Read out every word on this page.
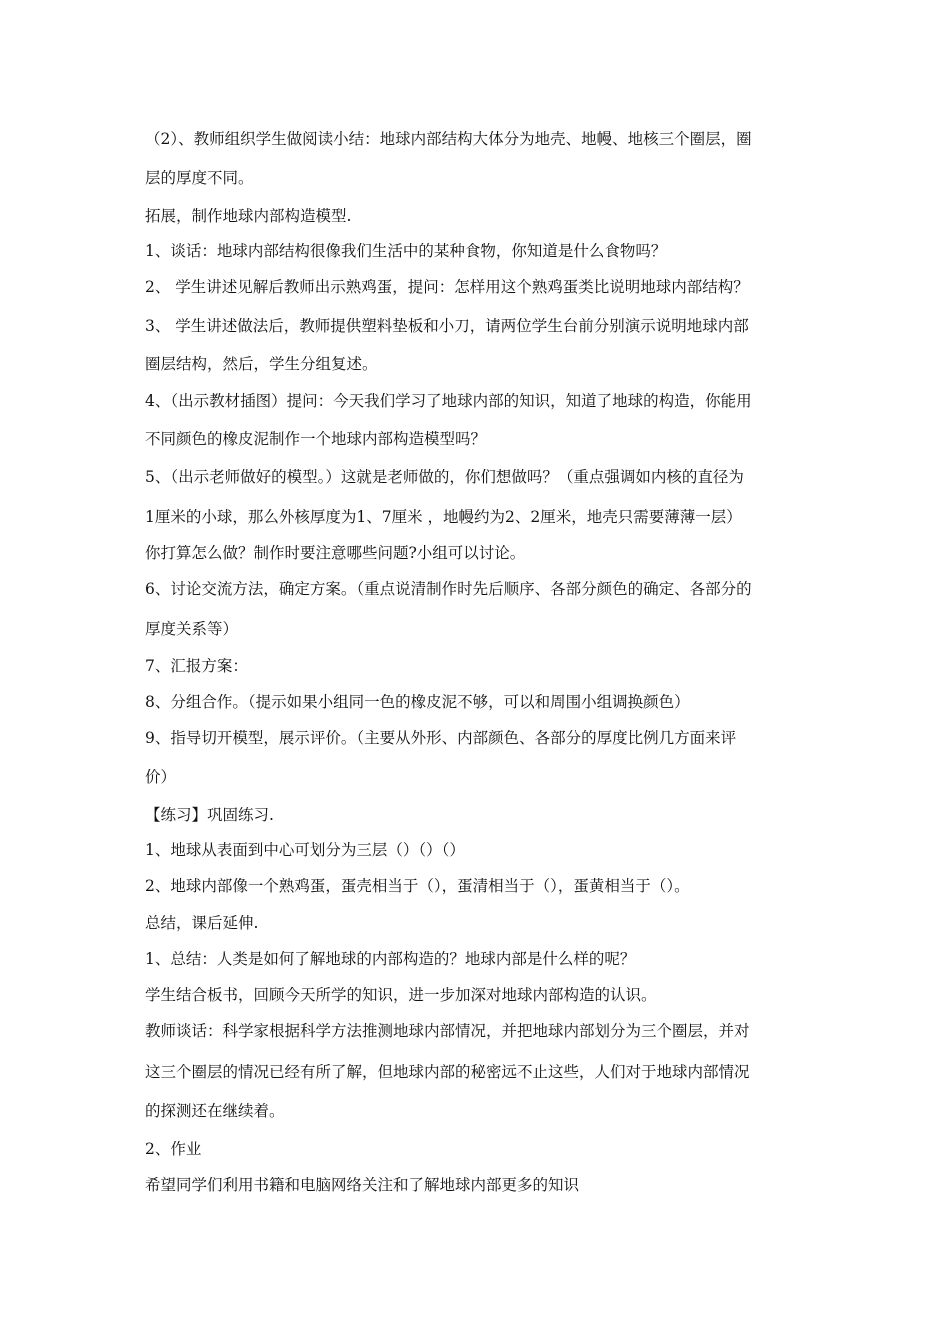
（2）、教师组织学生做阅读小结：地球内部结构大体分为地壳、地幔、地核三个圈层，圈
层的厚度不同。
拓展，制作地球内部构造模型.
1、谈话：地球内部结构很像我们生活中的某种食物，你知道是什么食物吗？
2、 学生讲述见解后教师出示熟鸡蛋，提问：怎样用这个熟鸡蛋类比说明地球内部结构？
3、 学生讲述做法后，教师提供塑料垫板和小刀，请两位学生台前分别演示说明地球内部
圈层结构，然后，学生分组复述。
4、（出示教材插图）提问：今天我们学习了地球内部的知识，知道了地球的构造，你能用
不同颜色的橡皮泥制作一个地球内部构造模型吗？
5、（出示老师做好的模型。）这就是老师做的，你们想做吗？（重点强调如内核的直径为
1厘米的小球，那么外核厚度为1、7厘米 ，地幔约为2、2厘米，地壳只需要薄薄一层）
你打算怎么做？制作时要注意哪些问题?小组可以讨论。
6、讨论交流方法，确定方案。（重点说清制作时先后顺序、各部分颜色的确定、各部分的
厚度关系等）
7、汇报方案：
8、分组合作。（提示如果小组同一色的橡皮泥不够，可以和周围小组调换颜色）
9、指导切开模型，展示评价。（主要从外形、内部颜色、各部分的厚度比例几方面来评
价）
【练习】巩固练习.
1、地球从表面到中心可划分为三层（）（）（）
2、地球内部像一个熟鸡蛋，蛋壳相当于（），蛋清相当于（），蛋黄相当于（）。
总结，课后延伸.
1、总结：人类是如何了解地球的内部构造的？地球内部是什么样的呢？
学生结合板书，回顾今天所学的知识，进一步加深对地球内部构造的认识。
教师谈话：科学家根据科学方法推测地球内部情况，并把地球内部划分为三个圈层，并对
这三个圈层的情况已经有所了解，但地球内部的秘密远不止这些，人们对于地球内部情况
的探测还在继续着。
2、作业
希望同学们利用书籍和电脑网络关注和了解地球内部更多的知识
